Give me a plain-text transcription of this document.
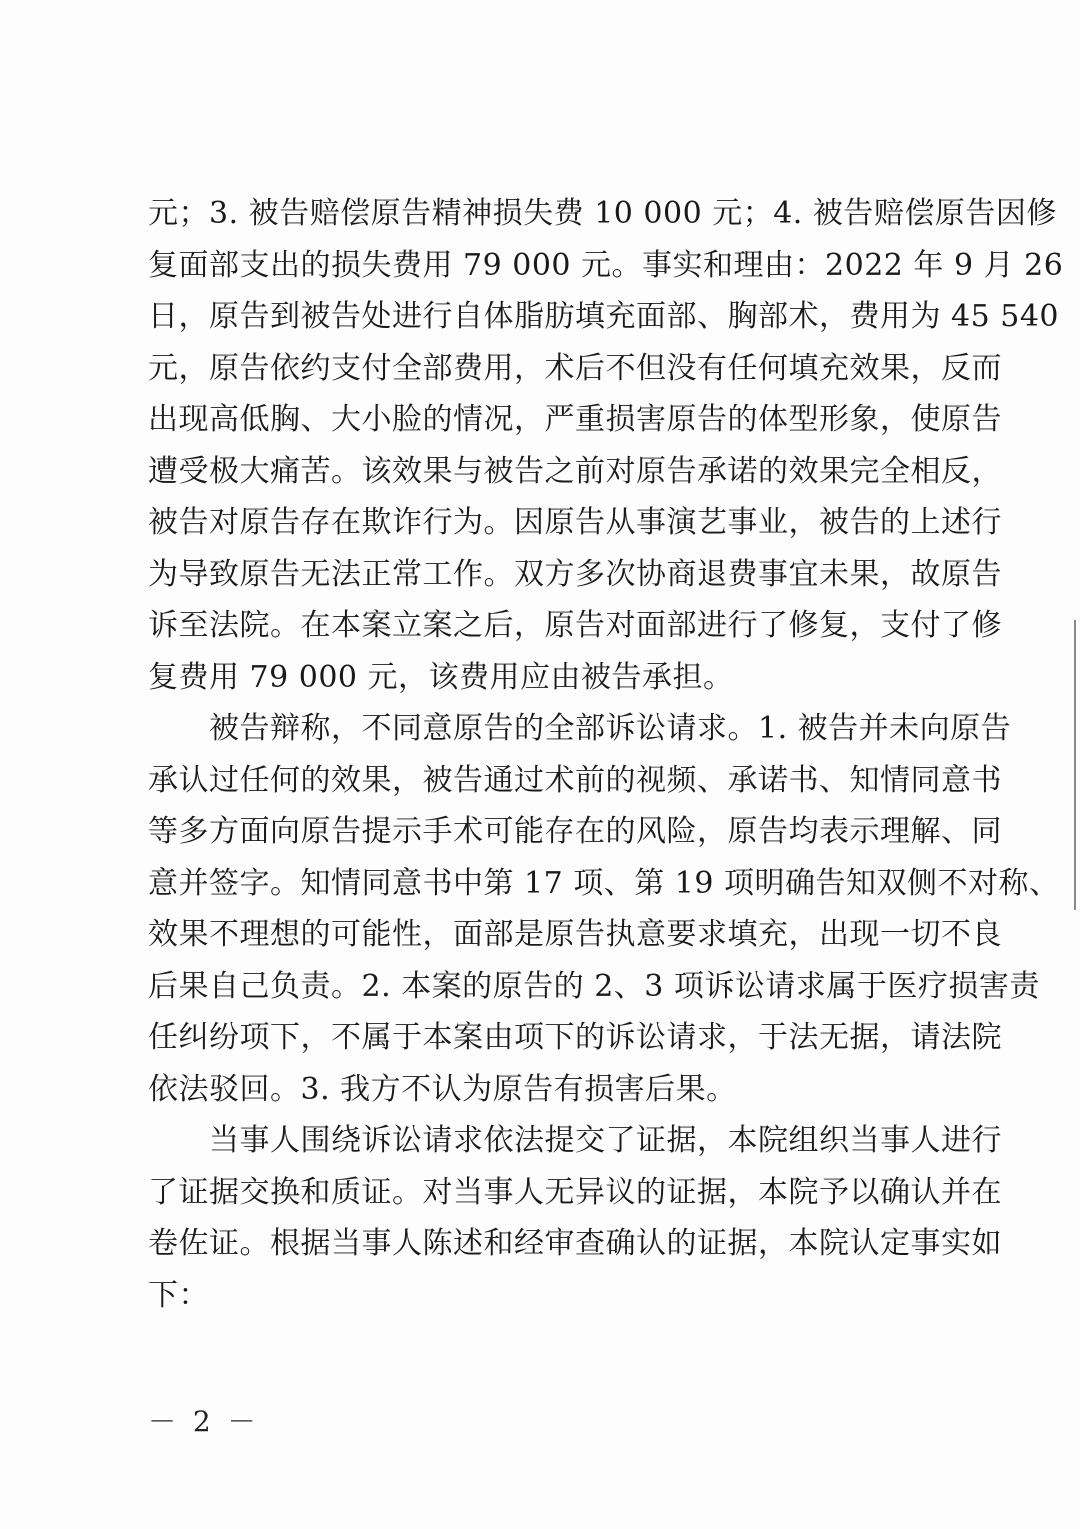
元；3. 被告赔偿原告精神损失费 10 000 元；4. 被告赔偿原告因修
复面部支出的损失费用 79 000 元。事实和理由：2022 年 9 月 26
日，原告到被告处进行自体脂肪填充面部、胸部术，费用为 45 540
元，原告依约支付全部费用，术后不但没有任何填充效果，反而
出现高低胸、大小脸的情况，严重损害原告的体型形象，使原告
遭受极大痛苦。该效果与被告之前对原告承诺的效果完全相反，
被告对原告存在欺诈行为。因原告从事演艺事业，被告的上述行
为导致原告无法正常工作。双方多次协商退费事宜未果，故原告
诉至法院。在本案立案之后，原告对面部进行了修复，支付了修
复费用 79 000 元，该费用应由被告承担。
　　被告辩称，不同意原告的全部诉讼请求。1. 被告并未向原告
承认过任何的效果，被告通过术前的视频、承诺书、知情同意书
等多方面向原告提示手术可能存在的风险，原告均表示理解、同
意并签字。知情同意书中第 17 项、第 19 项明确告知双侧不对称、
效果不理想的可能性，面部是原告执意要求填充，出现一切不良
后果自己负责。2. 本案的原告的 2、3 项诉讼请求属于医疗损害责
任纠纷项下，不属于本案由项下的诉讼请求，于法无据，请法院
依法驳回。3. 我方不认为原告有损害后果。
　　当事人围绕诉讼请求依法提交了证据，本院组织当事人进行
了证据交换和质证。对当事人无异议的证据，本院予以确认并在
卷佐证。根据当事人陈述和经审查确认的证据，本院认定事实如
下：
－ 2 －
